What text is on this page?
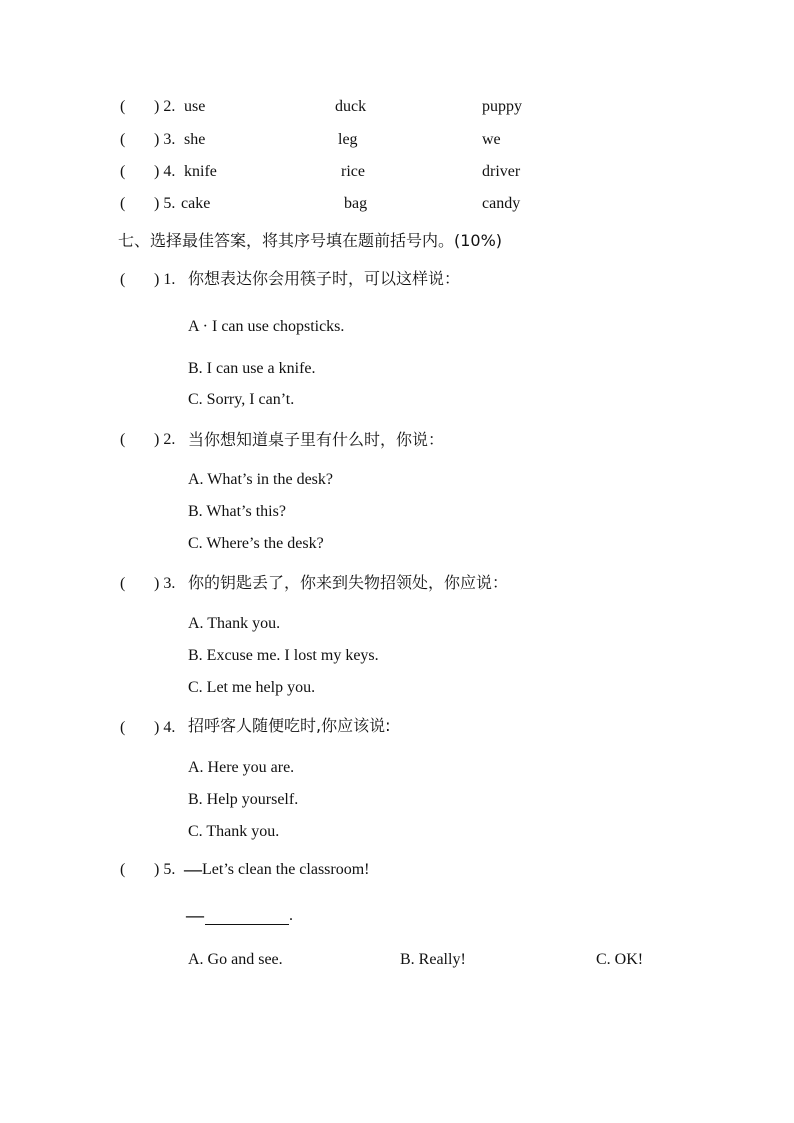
( ) 2. use	duck	puppy
( ) 3. she	leg	we
( ) 4. knife	rice	driver
( ) 5. cake	bag	candy
七、选择最佳答案，将其序号填在题前括号内。(10%)
( ) 1. 你想表达你会用筷子时，可以这样说：
A · I can use chopsticks.
B. I can use a knife.
C. Sorry, I can’t.
( ) 2. 当你想知道桌子里有什么时，你说：
A. What’s in the desk?
B. What’s this?
C. Where’s the desk?
( ) 3. 你的钥匙丢了，你来到失物招领处，你应说：
A. Thank you.
B. Excuse me. I lost my keys.
C. Let me help you.
( ) 4. 招呼客人随便吃时,你应该说:
A. Here you are.
B. Help yourself.
C. Thank you.
( ) 5. — Let’s clean the classroom!
—	.
A. Go and see.	B. Really!	C. OK!
